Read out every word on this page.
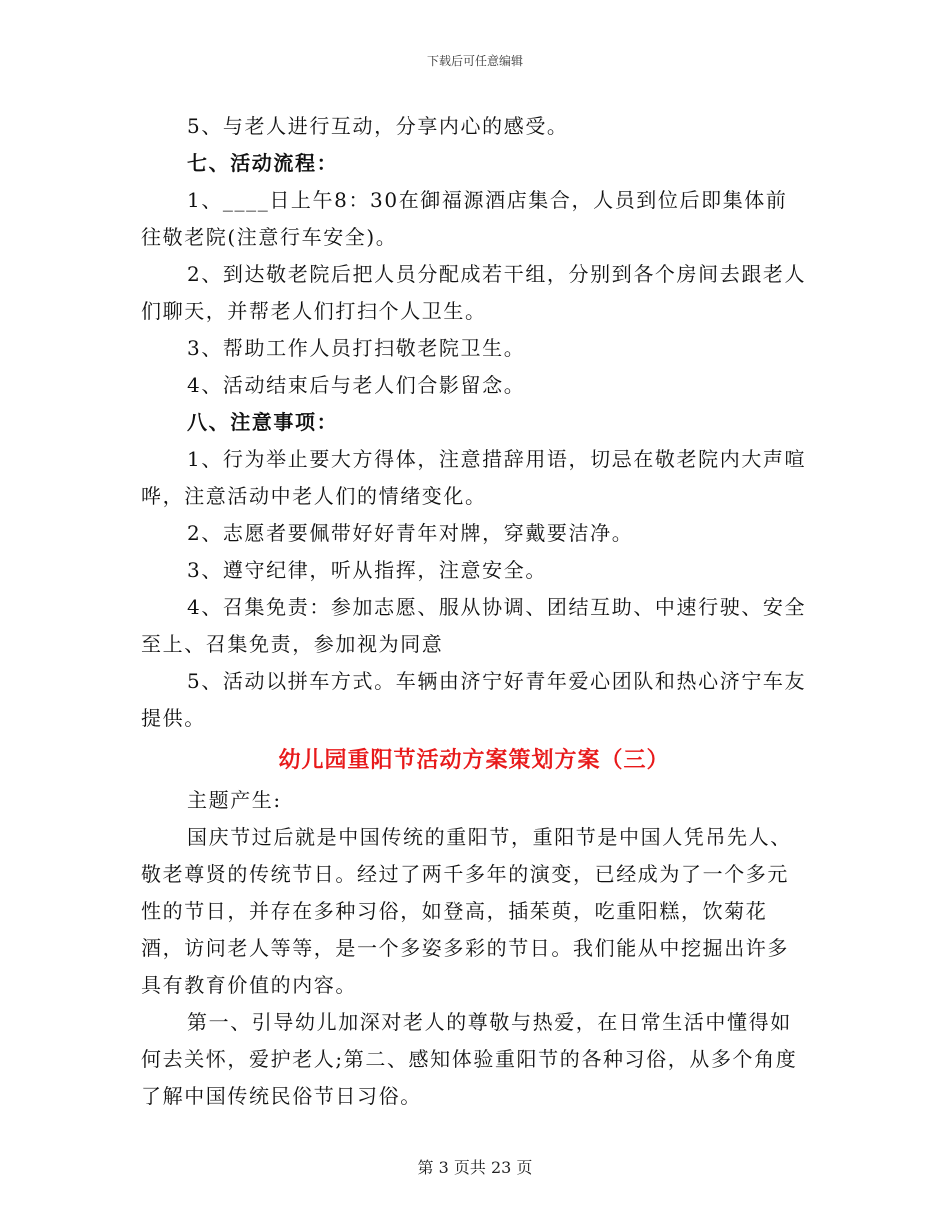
下载后可任意编辑

5、与老人进行互动，分享内心的感受。

七、活动流程：

1、____日上午8：30在御福源酒店集合，人员到位后即集体前往敬老院(注意行车安全)。

2、到达敬老院后把人员分配成若干组，分别到各个房间去跟老人们聊天，并帮老人们打扫个人卫生。

3、帮助工作人员打扫敬老院卫生。

4、活动结束后与老人们合影留念。

八、注意事项：

1、行为举止要大方得体，注意措辞用语，切忌在敬老院内大声喧哗，注意活动中老人们的情绪变化。

2、志愿者要佩带好好青年对牌，穿戴要洁净。

3、遵守纪律，听从指挥，注意安全。

4、召集免责：参加志愿、服从协调、团结互助、中速行驶、安全至上、召集免责，参加视为同意

5、活动以拼车方式。车辆由济宁好青年爱心团队和热心济宁车友提供。

幼儿园重阳节活动方案策划方案（三）

主题产生:

国庆节过后就是中国传统的重阳节，重阳节是中国人凭吊先人、敬老尊贤的传统节日。经过了两千多年的演变，已经成为了一个多元性的节日，并存在多种习俗，如登高，插茱萸，吃重阳糕，饮菊花酒，访问老人等等，是一个多姿多彩的节日。我们能从中挖掘出许多具有教育价值的内容。

第一、引导幼儿加深对老人的尊敬与热爱，在日常生活中懂得如何去关怀，爱护老人;第二、感知体验重阳节的各种习俗，从多个角度了解中国传统民俗节日习俗。

第 3 页共 23 页
